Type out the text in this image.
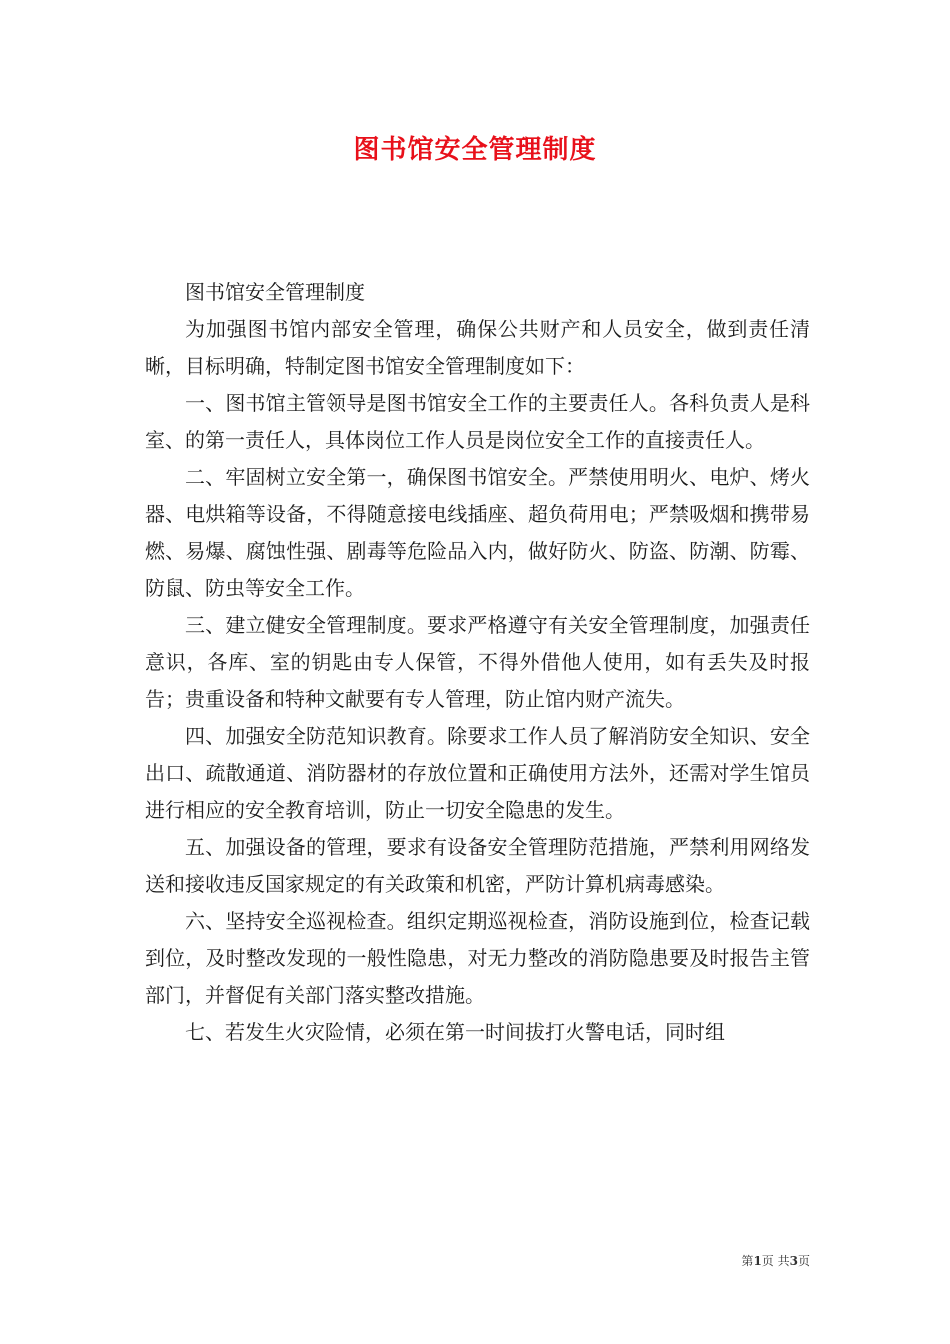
图书馆安全管理制度

图书馆安全管理制度

为加强图书馆内部安全管理，确保公共财产和人员安全，做到责任清晰，目标明确，特制定图书馆安全管理制度如下：

一、图书馆主管领导是图书馆安全工作的主要责任人。各科负责人是科室、的第一责任人，具体岗位工作人员是岗位安全工作的直接责任人。

二、牢固树立安全第一，确保图书馆安全。严禁使用明火、电炉、烤火器、电烘箱等设备，不得随意接电线插座、超负荷用电；严禁吸烟和携带易燃、易爆、腐蚀性强、剧毒等危险品入内，做好防火、防盗、防潮、防霉、防鼠、防虫等安全工作。

三、建立健安全管理制度。要求严格遵守有关安全管理制度，加强责任意识，各库、室的钥匙由专人保管，不得外借他人使用，如有丢失及时报告；贵重设备和特种文献要有专人管理，防止馆内财产流失。

四、加强安全防范知识教育。除要求工作人员了解消防安全知识、安全出口、疏散通道、消防器材的存放位置和正确使用方法外，还需对学生馆员进行相应的安全教育培训，防止一切安全隐患的发生。

五、加强设备的管理，要求有设备安全管理防范措施，严禁利用网络发送和接收违反国家规定的有关政策和机密，严防计算机病毒感染。

六、坚持安全巡视检查。组织定期巡视检查，消防设施到位，检查记载到位，及时整改发现的一般性隐患，对无力整改的消防隐患要及时报告主管部门，并督促有关部门落实整改措施。

七、若发生火灾险情，必须在第一时间拔打火警电话，同时组

第1页 共3页
